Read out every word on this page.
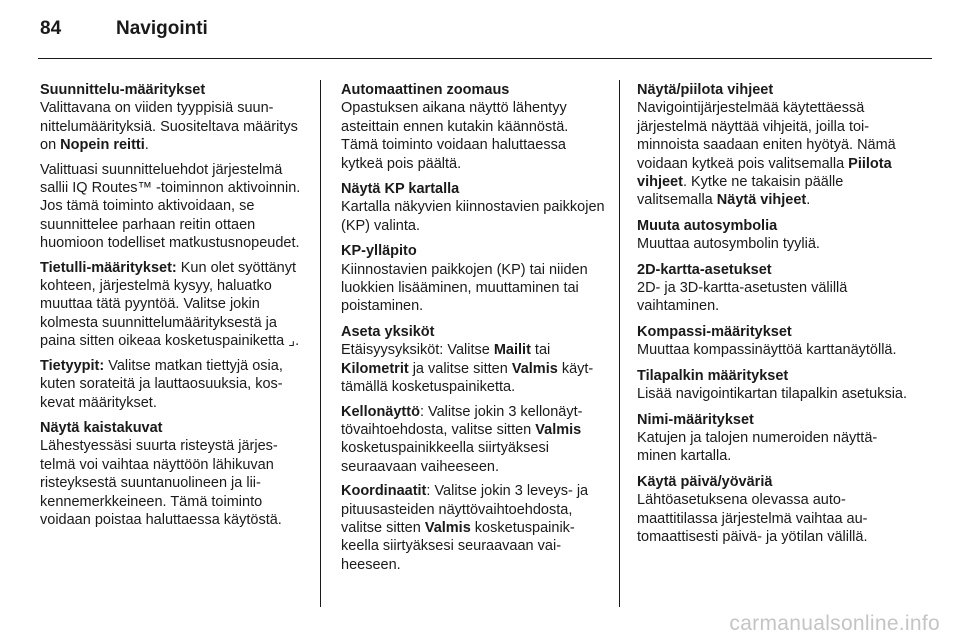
84	Navigointi
Suunnittelu-määritykset
Valittavana on viiden tyyppisiä suunnittelumäärityksiä. Suositeltava määritys on Nopein reitti.
Valittuasi suunnitteluehdot järjestelmä sallii IQ Routes™ -toiminnon aktivoinnin. Jos tämä toiminto aktivoidaan, se suunnittelee parhaan reitin ottaen huomioon todelliset matkustusnopeudet.
Tietulli-määritykset: Kun olet syöttänyt kohteen, järjestelmä kysyy, haluatko muuttaa tätä pyyntöä. Valitse jokin kolmesta suunnittelumäärityksestä ja paina sitten oikeaa kosketuspainiketta ⌟.
Tietyypit: Valitse matkan tiettyjä osia, kuten sorateitä ja lauttaosuuksia, koskevat määritykset.
Näytä kaistakuvat
Lähestyessäsi suurta risteystä järjestelmä voi vaihtaa näyttöön lähikuvan risteyksestä suuntanuolineen ja liikennemerkkeineen. Tämä toiminto voidaan poistaa haluttaessa käytöstä.
Automaattinen zoomaus
Opastuksen aikana näyttö lähentyy asteittain ennen kutakin käännöstä. Tämä toiminto voidaan haluttaessa kytkeä pois päältä.
Näytä KP kartalla
Kartalla näkyvien kiinnostavien paikkojen (KP) valinta.
KP-ylläpito
Kiinnostavien paikkojen (KP) tai niiden luokkien lisääminen, muuttaminen tai poistaminen.
Aseta yksiköt
Etäisyysyksiköt: Valitse Mailit tai Kilometrit ja valitse sitten Valmis käyttämällä kosketuspainiketta.
Kellonäyttö: Valitse jokin 3 kellonäyttövaihtoehdosta, valitse sitten Valmis kosketuspainikkeella siirtyäksesi seuraavaan vaiheeseen.
Koordinaatit: Valitse jokin 3 leveys- ja pituusasteiden näyttövaihtoehdosta, valitse sitten Valmis kosketuspainikkeella siirtyäksesi seuraavaan vaiheeseen.
Näytä/piilota vihjeet
Navigointijärjestelmää käytettäessä järjestelmä näyttää vihjeitä, joilla toiminnoista saadaan eniten hyötyä. Nämä voidaan kytkeä pois valitsemalla Piilota vihjeet. Kytke ne takaisin päälle valitsemalla Näytä vihjeet.
Muuta autosymbolia
Muuttaa autosymbolin tyyliä.
2D-kartta-asetukset
2D- ja 3D-kartta-asetusten välillä vaihtaminen.
Kompassi-määritykset
Muuttaa kompassinäyttöä karttanäytöllä.
Tilapalkin määritykset
Lisää navigointikartan tilapalkin asetuksia.
Nimi-määritykset
Katujen ja talojen numeroiden näyttäminen kartalla.
Käytä päivä/yöväriä
Lähtöasetuksena olevassa automaattitilassa järjestelmä vaihtaa automaattisesti päivä- ja yötilan välillä.
carmanualsonline.info
